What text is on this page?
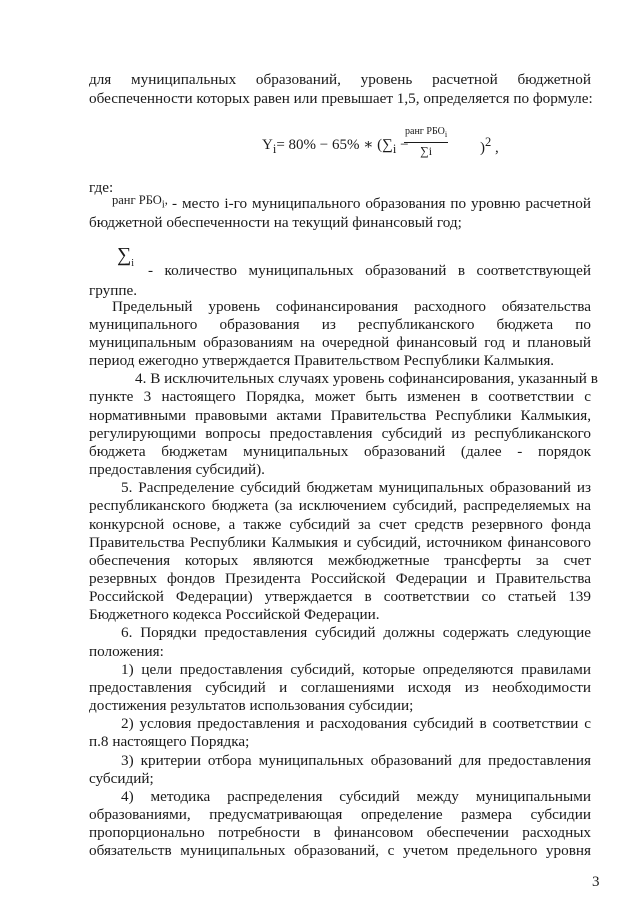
для муниципальных образований, уровень расчетной бюджетной
обеспеченности которых равен или превышает 1,5, определяется по формуле:
$Y_i= 80\% - 65\%$ ∗ ($\sum_i$ −
ранг $РБО_i$
∑i	)$^2$ ,
где:
ранг $РБО_i$, - место i-го муниципального образования по уровню расчетной
бюджетной обеспеченности на текущий финансовый год;
$\sum_i$ - количество муниципальных образований в соответствующей
группе.
Предельный уровень софинансирования расходного обязательства
муниципального образования из республиканского бюджета по
муниципальным образованиям на очередной финансовый год и плановый
период ежегодно утверждается Правительством Республики Калмыкия.
4. В исключительных случаях уровень софинансирования, указанный в
пункте 3 настоящего Порядка, может быть изменен в соответствии с
нормативными правовыми актами Правительства Республики Калмыкия,
регулирующими вопросы предоставления субсидий из республиканского
бюджета бюджетам муниципальных образований (далее - порядок
предоставления субсидий).
5. Распределение субсидий бюджетам муниципальных образований из
республиканского бюджета (за исключением субсидий, распределяемых на
конкурсной основе, а также субсидий за счет средств резервного фонда
Правительства Республики Калмыкия и субсидий, источником финансового
обеспечения которых являются межбюджетные трансферты за счет
резервных фондов Президента Российской Федерации и Правительства
Российской Федерации) утверждается в соответствии со статьей 139
Бюджетного кодекса Российской Федерации.
6. Порядки предоставления субсидий должны содержать следующие
положения:
1) цели предоставления субсидий, которые определяются правилами
предоставления субсидий и соглашениями исходя из необходимости
достижения результатов использования субсидии;
2) условия предоставления и расходования субсидий в соответствии с
п.8 настоящего Порядка;
3) критерии отбора муниципальных образований для предоставления
субсидий;
4) методика распределения субсидий между муниципальными
образованиями, предусматривающая определение размера субсидии
пропорционально потребности в финансовом обеспечении расходных
обязательств муниципальных образований, с учетом предельного уровня
3
